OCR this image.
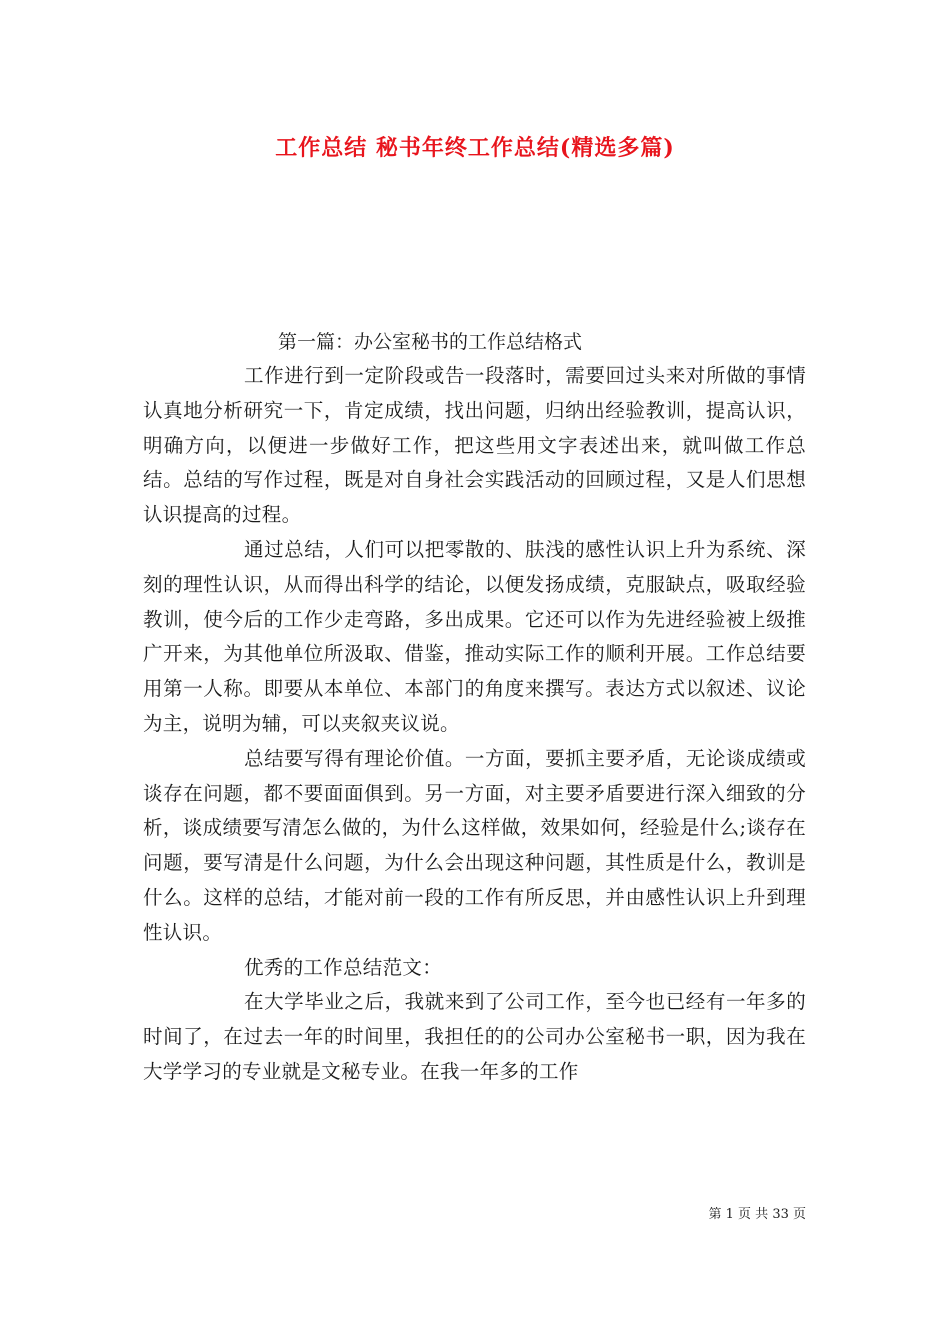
工作总结 秘书年终工作总结(精选多篇)

第一篇：办公室秘书的工作总结格式

工作进行到一定阶段或告一段落时，需要回过头来对所做的事情认真地分析研究一下，肯定成绩，找出问题，归纳出经验教训，提高认识，明确方向，以便进一步做好工作，把这些用文字表述出来，就叫做工作总结。总结的写作过程，既是对自身社会实践活动的回顾过程，又是人们思想认识提高的过程。

通过总结，人们可以把零散的、肤浅的感性认识上升为系统、深刻的理性认识，从而得出科学的结论，以便发扬成绩，克服缺点，吸取经验教训，使今后的工作少走弯路，多出成果。它还可以作为先进经验被上级推广开来，为其他单位所汲取、借鉴，推动实际工作的顺利开展。工作总结要用第一人称。即要从本单位、本部门的角度来撰写。表达方式以叙述、议论为主，说明为辅，可以夹叙夹议说。

总结要写得有理论价值。一方面，要抓主要矛盾，无论谈成绩或谈存在问题，都不要面面俱到。另一方面，对主要矛盾要进行深入细致的分析，谈成绩要写清怎么做的，为什么这样做，效果如何，经验是什么;谈存在问题，要写清是什么问题，为什么会出现这种问题，其性质是什么，教训是什么。这样的总结，才能对前一段的工作有所反思，并由感性认识上升到理性认识。

优秀的工作总结范文：

在大学毕业之后，我就来到了公司工作，至今也已经有一年多的时间了，在过去一年的时间里，我担任的的公司办公室秘书一职，因为我在大学学习的专业就是文秘专业。在我一年多的工作

第 1 页 共 33 页
